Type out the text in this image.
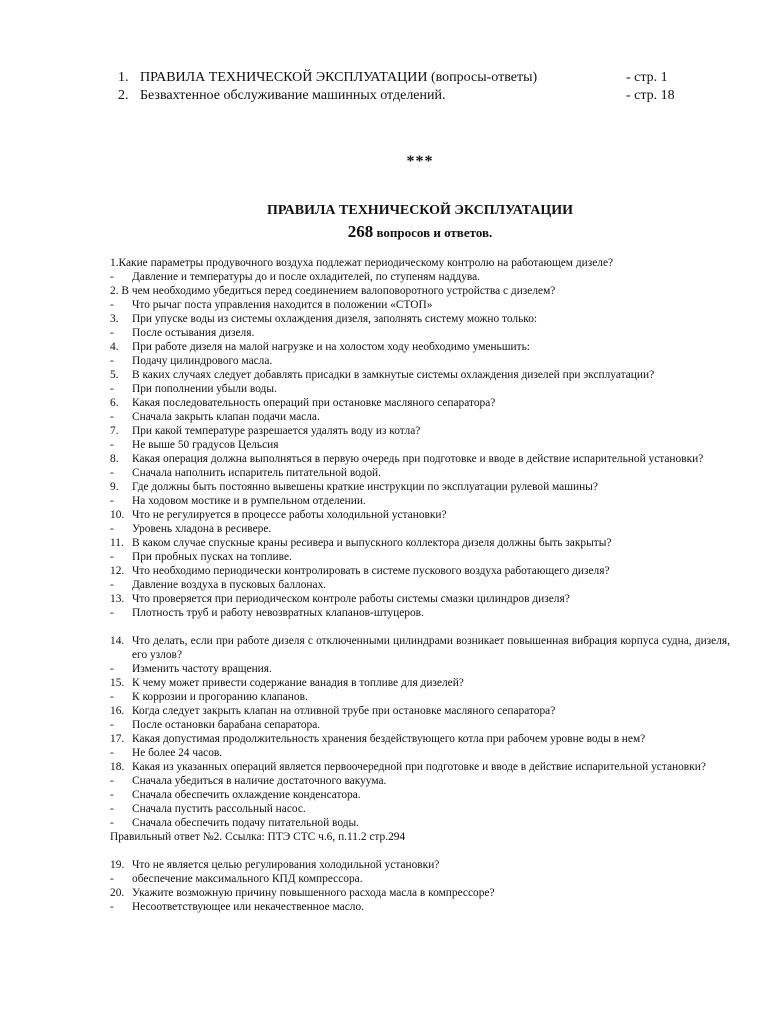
1. ПРАВИЛА ТЕХНИЧЕСКОЙ ЭКСПЛУАТАЦИИ (вопросы-ответы)	- стр. 1
2. Безвахтенное обслуживание машинных отделений.	- стр. 18
***
ПРАВИЛА ТЕХНИЧЕСКОЙ ЭКСПЛУАТАЦИИ
268 вопросов и ответов.
1.Какие параметры продувочного воздуха подлежат периодическому контролю на работающем дизеле?
-	Давление и температуры до и после охладителей, по ступеням наддува.
2. В чем необходимо убедиться перед соединением валоповоротного устройства с дизелем?
-	Что рычаг поста управления находится в положении «СТОП»
3.	При упуске воды из системы охлаждения дизеля, заполнять систему можно только:
-	После остывания дизеля.
4.	При работе дизеля на малой нагрузке и на холостом ходу необходимо уменьшить:
-	Подачу цилиндрового масла.
5.	В каких случаях следует добавлять присадки в замкнутые системы охлаждения дизелей при эксплуатации?
-	При пополнении убыли воды.
6.	Какая последовательность операций при остановке масляного сепаратора?
-	Сначала закрыть клапан подачи масла.
7.	При какой температуре разрешается удалять воду из котла?
-	Не выше 50 градусов Цельсия
8.	Какая операция должна выполняться в первую очередь при подготовке и вводе в действие испарительной установки?
-	Сначала наполнить испаритель питательной водой.
9.	Где должны быть постоянно вывешены краткие инструкции по эксплуатации рулевой машины?
-	На ходовом мостике и в румпельном отделении.
10. Что не регулируется в процессе работы холодильной установки?
-	Уровень хладона в ресивере.
11. В каком случае спускные краны ресивера и выпускного коллектора дизеля должны быть закрыты?
-	При пробных пусках на топливе.
12. Что необходимо периодически контролировать в системе пускового воздуха работающего дизеля?
-	Давление воздуха в пусковых баллонах.
13. Что проверяется при периодическом контроле работы системы смазки цилиндров дизеля?
-	Плотность труб и работу невозвратных клапанов-штуцеров.
14. Что делать, если при работе дизеля с отключенными цилиндрами возникает повышенная вибрация корпуса судна, дизеля, его узлов?
-	Изменить частоту вращения.
15. К чему может привести содержание ванадия в топливе для дизелей?
-	К коррозии и прогоранию клапанов.
16. Когда следует закрыть клапан на отливной трубе при остановке масляного сепаратора?
-	После остановки барабана сепаратора.
17. Какая допустимая продолжительность хранения бездействующего котла при рабочем уровне воды в нем?
-	Не более 24 часов.
18. Какая из указанных операций является первоочередной при подготовке и вводе в действие испарительной установки?
-	Сначала убедиться в наличие достаточного вакуума.
-	Сначала обеспечить охлаждение конденсатора.
-	Сначала пустить рассольный насос.
-	Сначала обеспечить подачу питательной воды.
Правильный ответ №2. Ссылка: ПТЭ СТС ч.6, п.11.2 стр.294
19. Что не является целью регулирования холодильной установки?
-	обеспечение максимального КПД компрессора.
20. Укажите возможную причину повышенного расхода масла в компрессоре?
-	Несоответствующее или некачественное масло.
